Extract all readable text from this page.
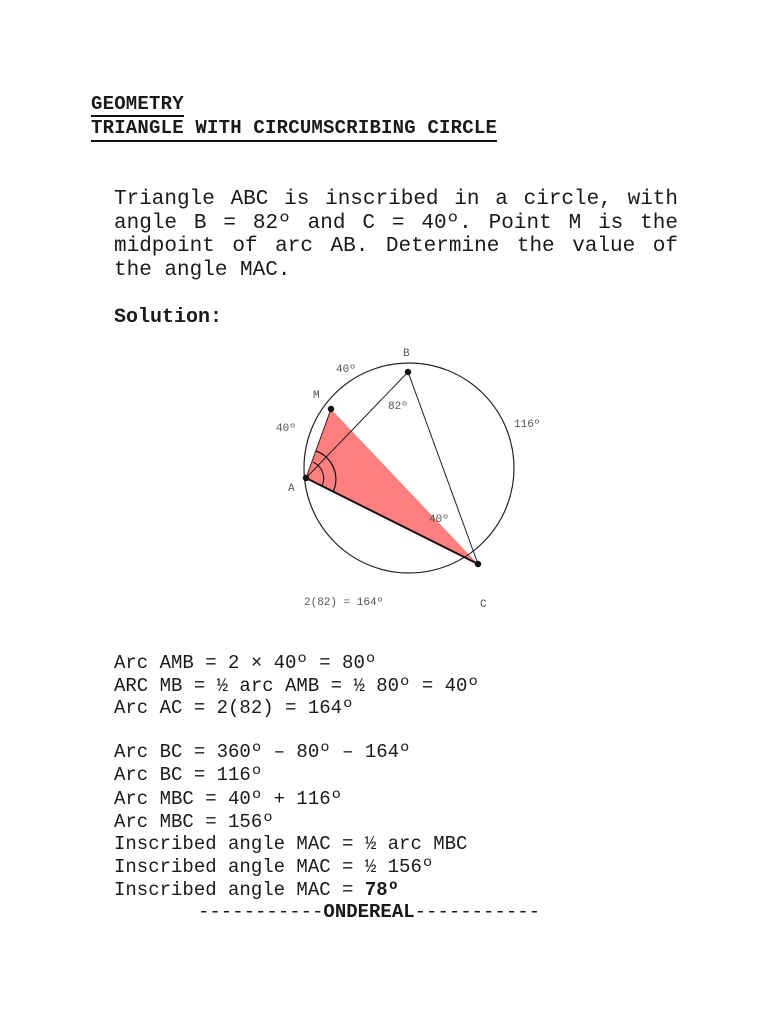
GEOMETRY
TRIANGLE WITH CIRCUMSCRIBING CIRCLE
Triangle ABC is inscribed in a circle, with angle B = 82º and C = 40º. Point M is the midpoint of arc AB. Determine the value of the angle MAC.
Solution:
B
M
A
C
40º
40º	116º
82º
40º
2(82) = 164º
Arc AMB = 2 × 40º = 80º
ARC MB = ½ arc AMB = ½ 80º = 40º
Arc AC = 2(82) = 164º
Arc BC = 360º – 80º – 164º
Arc BC = 116º
Arc MBC = 40º + 116º
Arc MBC = 156º
Inscribed angle MAC = ½ arc MBC
Inscribed angle MAC = ½ 156º
Inscribed angle MAC = 78º
-----------ONDEREAL-----------
